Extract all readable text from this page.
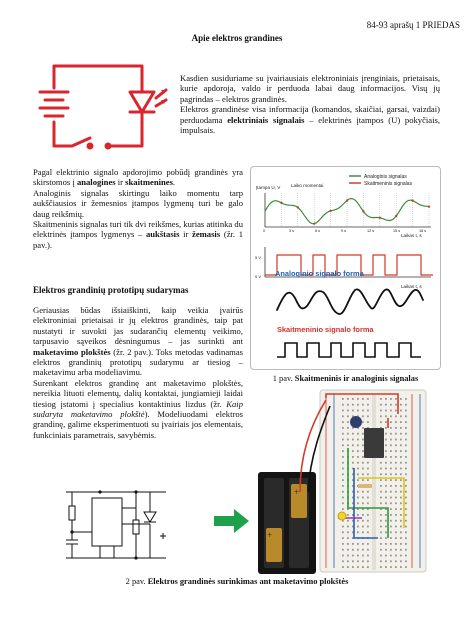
84-93 aprašų 1 PRIEDAS
Apie elektros grandines
Kasdien susiduriame su įvairiausiais elektroniniais įrenginiais, prietaisais, kurie apdoroja, valdo ir perduoda labai daug informacijos. Visų jų pagrindas – elektros grandinės.
Elektros grandinėse visa informacija (komandos, skaičiai, garsai, vaizdai) perduodama elektriniais signalais – elektrinės įtampos (U) pokyčiais, impulsais.
Pagal elektrinio signalo apdorojimo pobūdį grandinės yra skirstomos į analogines ir skaitmenines.
Analoginis signalas skirtingu laiko momentu tarp aukščiausios ir žemesnios įtampos lygmenų turi be galo daug reikšmių.
Skaitmeninis signalas turi tik dvi reikšmes, kurias atitinka du elektrinės įtampos lygmenys – aukštasis ir žemasis (žr. 1 pav.).
Elektros grandinių prototipų sudarymas
Geriausias būdas išsiaiškinti, kaip veikia įvairūs elektroniniai prietaisai ir jų elektros grandinės, taip pat nustatyti ir suvokti jas sudarančių elementų veikimo, tarpusavio sąveikos dėsningumus – jas surinkti ant maketavimo plokštės (žr. 2 pav.). Toks metodas vadinamas elektros grandinių prototipų sudarymu ar tiesiog – maketavimu arba modeliavimu.
Surenkant elektros grandinę ant maketavimo plokštės, nereikia lituoti elementų, dalių kontaktai, jungiamieji laidai tiesiog įstatomi į specialius kontaktinius lizdus (žr. Kaip sudaryta maketavimo plokštė). Modeliuodami elektros grandinę, galime eksperimentuoti su įvairiais jos elementais, funkciniais parametrais, savybėmis.
Analoginis signalas
Skaitmeninis signalas
Įtampa U, V Laiko momentai
Laikas t, s
5 V
0 V
Laikas t, s
0	3 s	6 s	9 s	12 s	15 s	18 s
Analoginio signalo forma
Skaitmeninio signalo forma
1 pav. Skaitmeninis ir analoginis signalas
+
+
2 pav. Elektros grandinės surinkimas ant maketavimo plokštės
